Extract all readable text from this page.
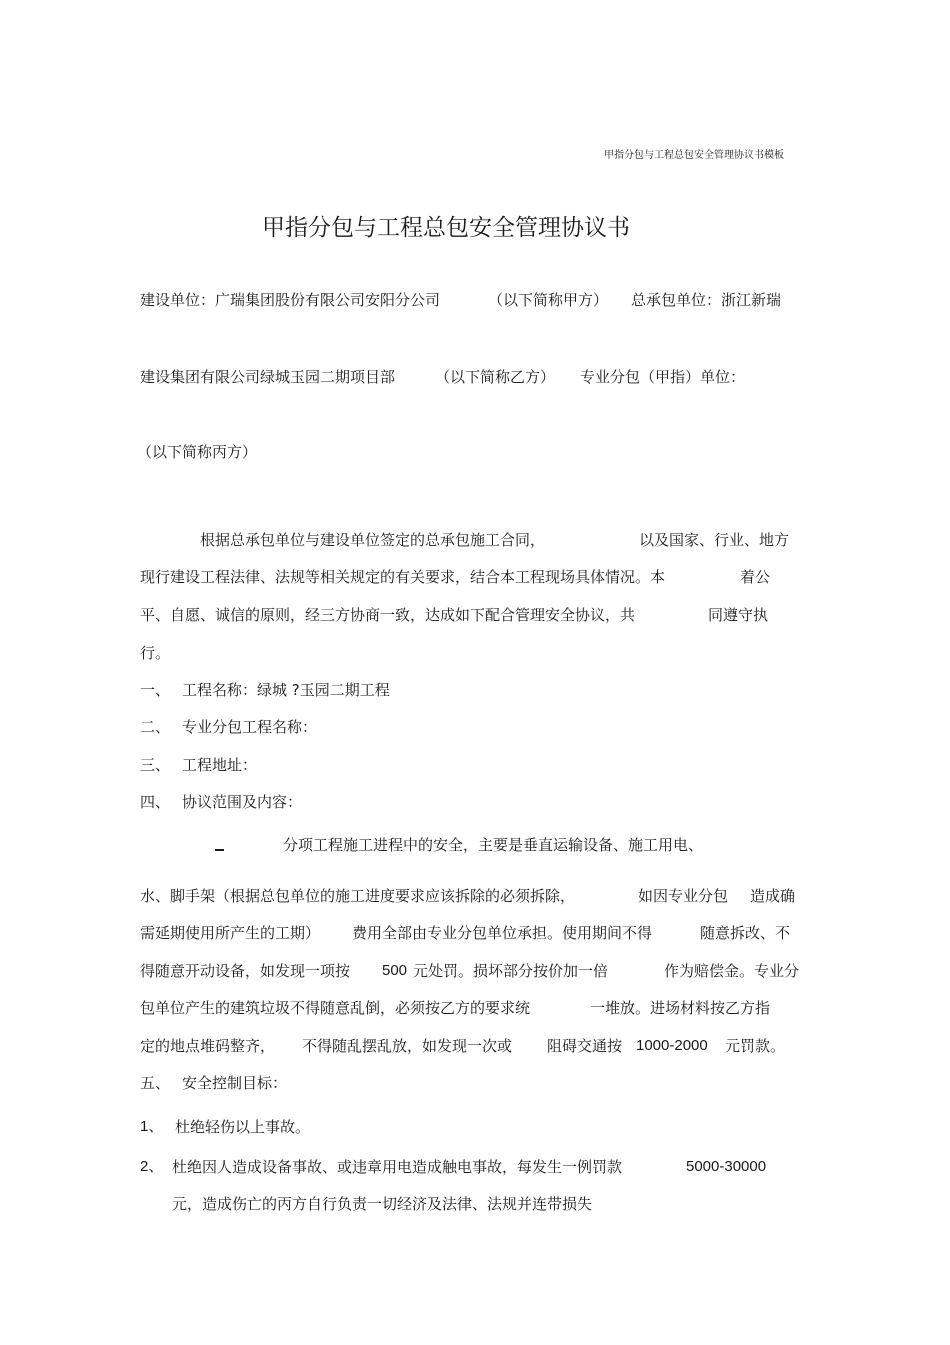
甲指分包与工程总包安全管理协议书模板
甲指分包与工程总包安全管理协议书
建设单位：广瑞集团股份有限公司安阳分公司	（以下简称甲方） 总承包单位：浙江新瑞
建设集团有限公司绿城玉园二期项目部	（以下简称乙方） 专业分包（甲指）单位：
（以下简称丙方）
根据总承包单位与建设单位签定的总承包施工合同，	以及国家、行业、地方
现行建设工程法律、法规等相关规定的有关要求，结合本工程现场具体情况。本	着公
平、自愿、诚信的原则，经三方协商一致，达成如下配合管理安全协议，共	同遵守执
行。
一、 工程名称：绿城 ?玉园二期工程
二、 专业分包工程名称：
三、 工程地址：
四、 协议范围及内容：
分项工程施工进程中的安全，主要是垂直运输设备、施工用电、
水、脚手架（根据总包单位的施工进度要求应该拆除的必须拆除，	如因专业分包 造成确
需延期使用所产生的工期） 费用全部由专业分包单位承担。使用期间不得	随意拆改、不
得随意开动设备，如发现一项按 500 元处罚。损坏部分按价加一倍	作为赔偿金。专业分
包单位产生的建筑垃圾不得随意乱倒，必须按乙方的要求统	一堆放。进场材料按乙方指
定的地点堆码整齐， 不得随乱摆乱放，如发现一次或 阻碍交通按 1000-2000 元罚款。
五、 安全控制目标：
1、 杜绝轻伤以上事故。
2、 杜绝因人造成设备事故、或违章用电造成触电事故，每发生一例罚款	5000-30000
元，造成伤亡的丙方自行负责一切经济及法律、法规并连带损失
